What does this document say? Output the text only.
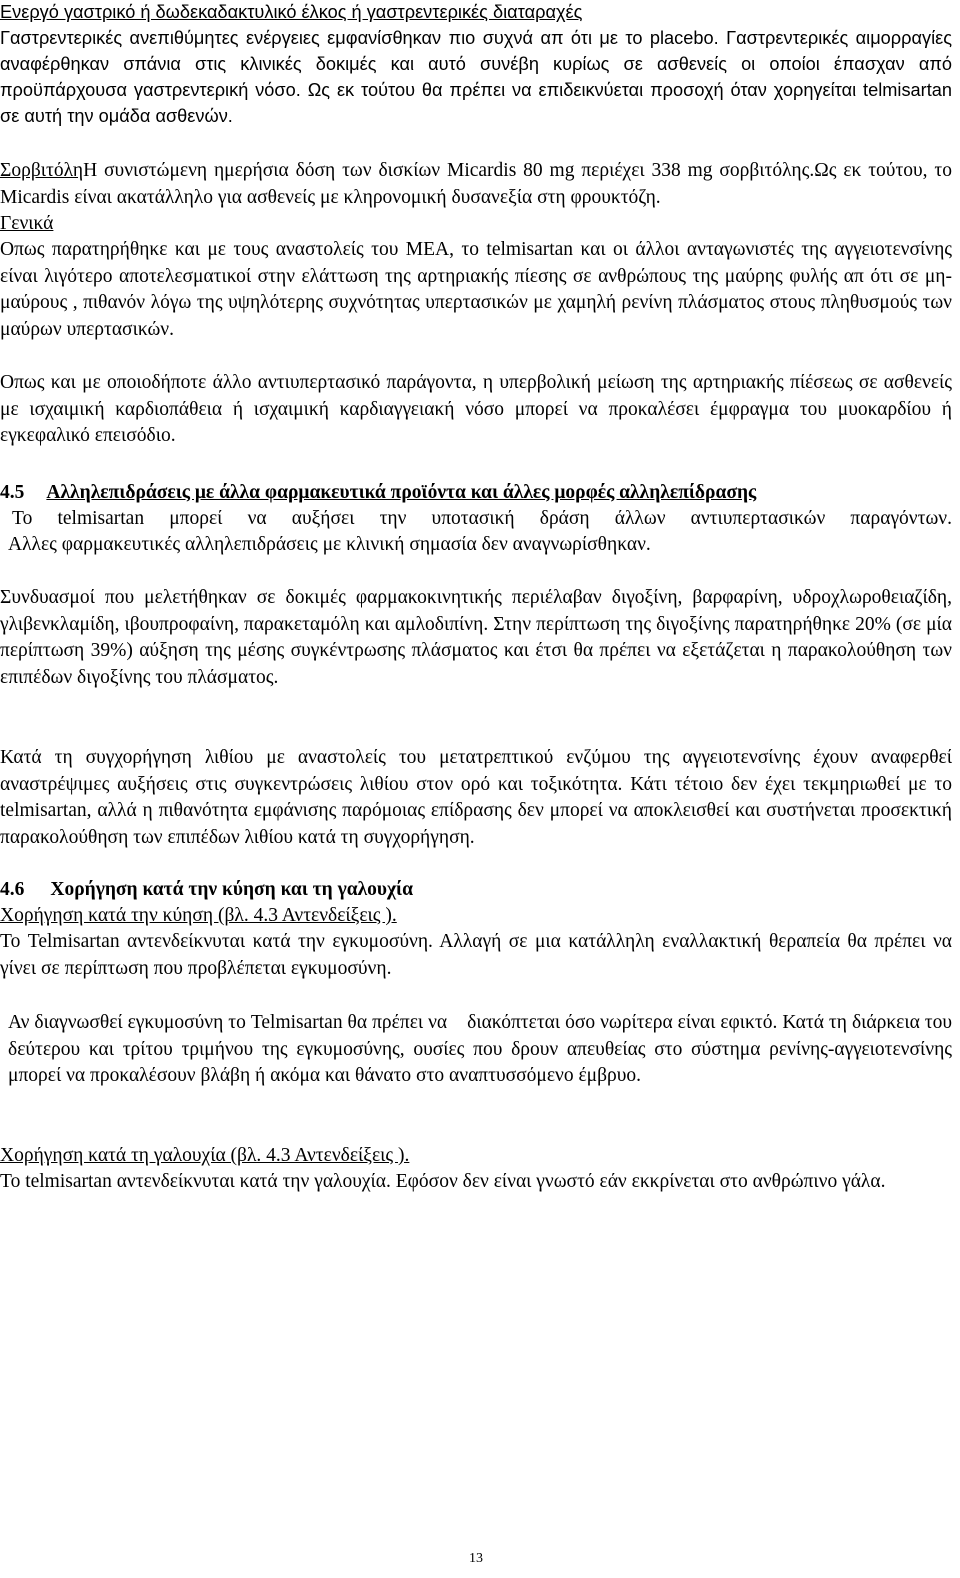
Ενεργό γαστρικό ή δωδεκαδακτυλικό έλκος ή γαστρεντερικές διαταραχές
Γαστρεντερικές ανεπιθύμητες ενέργειες εμφανίσθηκαν πιο συχνά απ ότι με το placebo. Γαστρεντερικές αιμορραγίες αναφέρθηκαν σπάνια στις κλινικές δοκιμές και αυτό συνέβη κυρίως σε ασθενείς οι οποίοι έπασχαν από προϋπάρχουσα γαστρεντερική νόσο. Ως εκ τούτου θα πρέπει να επιδεικνύεται προσοχή όταν χορηγείται telmisartan σε αυτή την ομάδα ασθενών.
ΣορβιτόληΗ συνιστώμενη ημερήσια δόση των δισκίων Micardis 80 mg περιέχει 338 mg σορβιτόλης.Ως εκ τούτου, το Micardis είναι ακατάλληλο για ασθενείς με κληρονομική δυσανεξία στη φρουκτόζη.
Γενικά
Οπως παρατηρήθηκε και με τους αναστολείς του ΜΕΑ, το telmisartan και οι άλλοι ανταγωνιστές της αγγειοτενσίνης είναι λιγότερο αποτελεσματικοί στην ελάττωση της αρτηριακής πίεσης σε ανθρώπους της μαύρης φυλής απ ότι σε μη-μαύρους , πιθανόν λόγω της υψηλότερης συχνότητας υπερτασικών με χαμηλή ρενίνη πλάσματος στους πληθυσμούς των μαύρων υπερτασικών.
Οπως και με οποιοδήποτε άλλο αντιυπερτασικό παράγοντα, η υπερβολική μείωση της αρτηριακής πίέσεως σε ασθενείς με ισχαιμική καρδιοπάθεια ή ισχαιμική καρδιαγγειακή νόσο μπορεί να προκαλέσει έμφραγμα του μυοκαρδίου ή εγκεφαλικό επεισόδιο.
4.5 Αλληλεπιδράσεις με άλλα φαρμακευτικά προϊόντα και άλλες μορφές αλληλεπίδρασης
Το telmisartan μπορεί να αυξήσει την υποτασική δράση άλλων αντιυπερτασικών παραγόντων.
Αλλες φαρμακευτικές αλληλεπιδράσεις με κλινική σημασία δεν αναγνωρίσθηκαν.
Συνδυασμοί που μελετήθηκαν σε δοκιμές φαρμακοκινητικής περιέλαβαν διγοξίνη, βαρφαρίνη, υδροχλωροθειαζίδη, γλιβενκλαμίδη, ιβουπροφαίνη, παρακεταμόλη και αμλοδιπίνη. Στην περίπτωση της διγοξίνης παρατηρήθηκε 20% (σε μία περίπτωση 39%) αύξηση της μέσης συγκέντρωσης πλάσματος και έτσι θα πρέπει να εξετάζεται η παρακολούθηση των επιπέδων διγοξίνης του πλάσματος.
Κατά τη συγχορήγηση λιθίου με αναστολείς του μετατρεπτικού ενζύμου της αγγειοτενσίνης έχουν αναφερθεί αναστρέψιμες αυξήσεις στις συγκεντρώσεις λιθίου στον ορό και τοξικότητα. Κάτι τέτοιο δεν έχει τεκμηριωθεί με το telmisartan, αλλά η πιθανότητα εμφάνισης παρόμοιας επίδρασης δεν μπορεί να αποκλεισθεί και συστήνεται προσεκτική παρακολούθηση των επιπέδων λιθίου κατά τη συγχορήγηση.
4.6 Χορήγηση κατά την κύηση και τη γαλουχία
Χορήγηση κατά την κύηση (βλ. 4.3 Αντενδείξεις ).
Το Telmisartan αντενδείκνυται κατά την εγκυμοσύνη. Αλλαγή σε μια κατάλληλη εναλλακτική θεραπεία θα πρέπει να γίνει σε περίπτωση που προβλέπεται εγκυμοσύνη.
Αν διαγνωσθεί εγκυμοσύνη το Telmisartan θα πρέπει να διακόπτεται όσο νωρίτερα είναι εφικτό. Κατά τη διάρκεια του δεύτερου και τρίτου τριμήνου της εγκυμοσύνης, ουσίες που δρουν απευθείας στο σύστημα ρενίνης-αγγειοτενσίνης μπορεί να προκαλέσουν βλάβη ή ακόμα και θάνατο στο αναπτυσσόμενο έμβρυο.
Χορήγηση κατά τη γαλουχία (βλ. 4.3 Αντενδείξεις ).
Το telmisartan αντενδείκνυται κατά την γαλουχία. Εφόσον δεν είναι γνωστό εάν εκκρίνεται στο ανθρώπινο γάλα.
13
